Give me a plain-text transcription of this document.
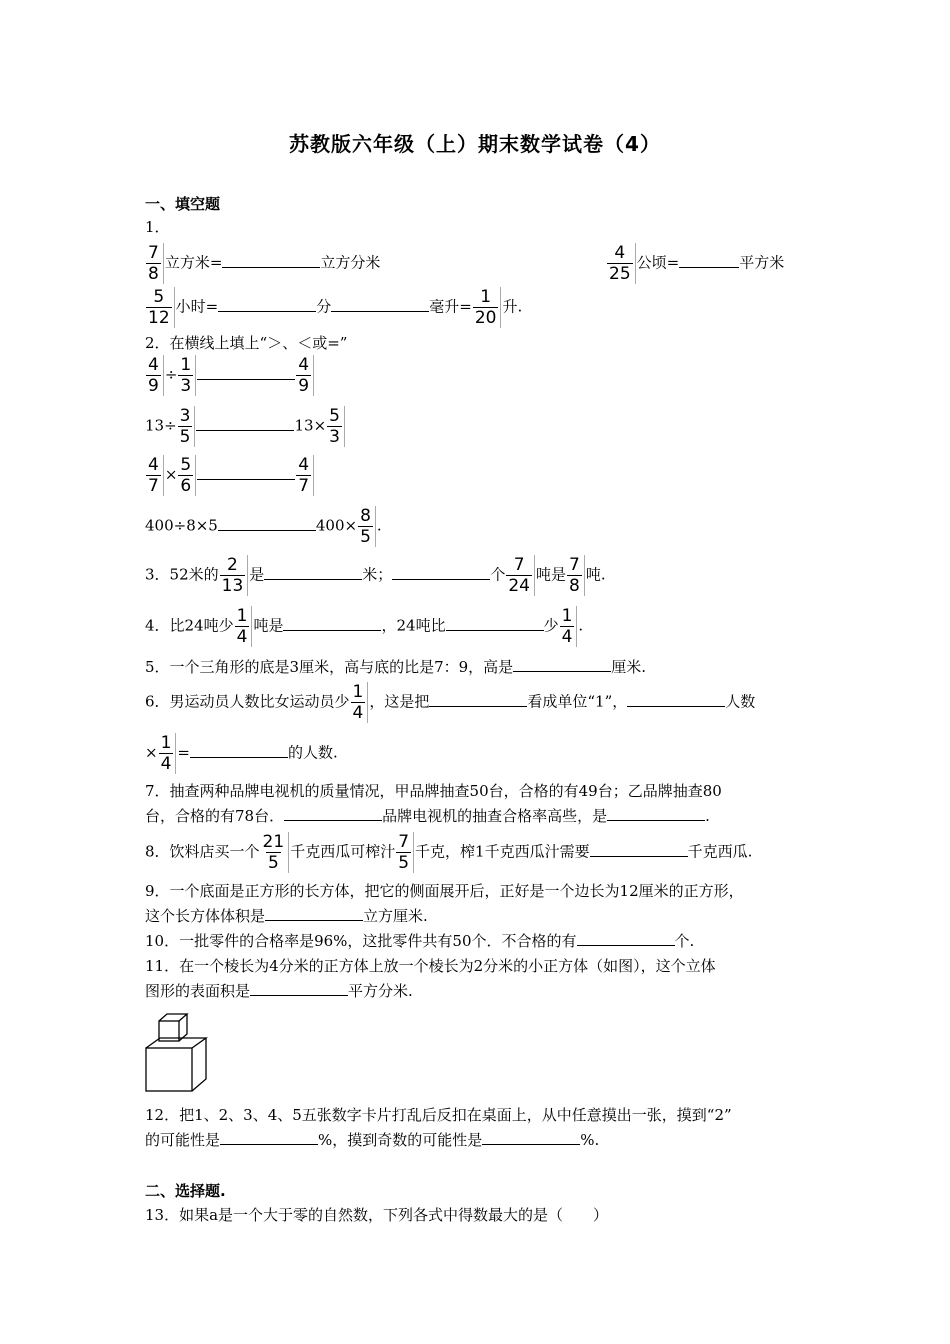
苏教版六年级（上）期末数学试卷（4）
一、填空题
1．
$\frac{7}{8}$ 立方米=	立方分米	$\frac{4}{25}$ 公顷=	平方米
$\frac{5}{12}$ 小时=	分	毫升= $\frac{1}{20}$ 升.
2．在横线上填上“＞、＜或=”
$\frac{4}{9} \div \frac{1}{3}$	$\frac{4}{9}$
$13\div \frac{3}{5}$	$13\times \frac{5}{3}$
$\frac{4}{7} \times \frac{5}{6}$	$\frac{4}{7}$
400÷8×5	$400\times \frac{8}{5}$ .
3．52米的 $\frac{2}{13}$ 是	米；	个 $\frac{7}{24}$ 吨是 $\frac{7}{8}$ 吨.
4．比24吨少 $\frac{1}{4}$ 吨是	，24吨比	少 $\frac{1}{4}$ .
5．一个三角形的底是3厘米，高与底的比是7：9，高是	厘米.
6．男运动员人数比女运动员少 $\frac{1}{4}$ ，这是把	看成单位“1”，	人数
× $\frac{1}{4}$ =	的人数.
7．抽查两种品牌电视机的质量情况，甲品牌抽查50台，合格的有49台；乙品牌抽查80
台，合格的有78台．	品牌电视机的抽查合格率高些，是	.
8．饮料店买一个 $\frac{21}{5}$ 千克西瓜可榨汁 $\frac{7}{5}$ 千克，榨1千克西瓜汁需要	千克西瓜.
9．一个底面是正方形的长方体，把它的侧面展开后，正好是一个边长为12厘米的正方形，
这个长方体体积是	立方厘米.
10．一批零件的合格率是96%，这批零件共有50个．不合格的有	个.
11．在一个棱长为4分米的正方体上放一个棱长为2分米的小正方体（如图），这个立体
图形的表面积是	平方分米.
12．把1、2、3、4、5五张数字卡片打乱后反扣在桌面上，从中任意摸出一张，摸到“2”
的可能性是	%，摸到奇数的可能性是	%.
二、选择题.
13．如果a是一个大于零的自然数，下列各式中得数最大的是（　　）
